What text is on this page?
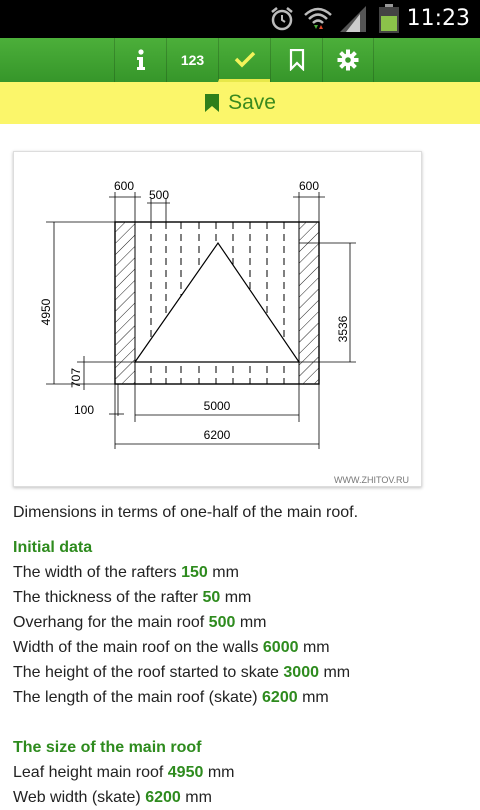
11:23
123
Save
600
500
600
4950
707
3536
100	5000
6200
WWW.ZHITOV.RU
Dimensions in terms of one-half of the main roof.
Initial data
The width of the rafters 150 mm
The thickness of the rafter 50 mm
Overhang for the main roof 500 mm
Width of the main roof on the walls 6000 mm
The height of the roof started to skate 3000 mm
The length of the main roof (skate) 6200 mm
The size of the main roof
Leaf height main roof 4950 mm
Web width (skate) 6200 mm
